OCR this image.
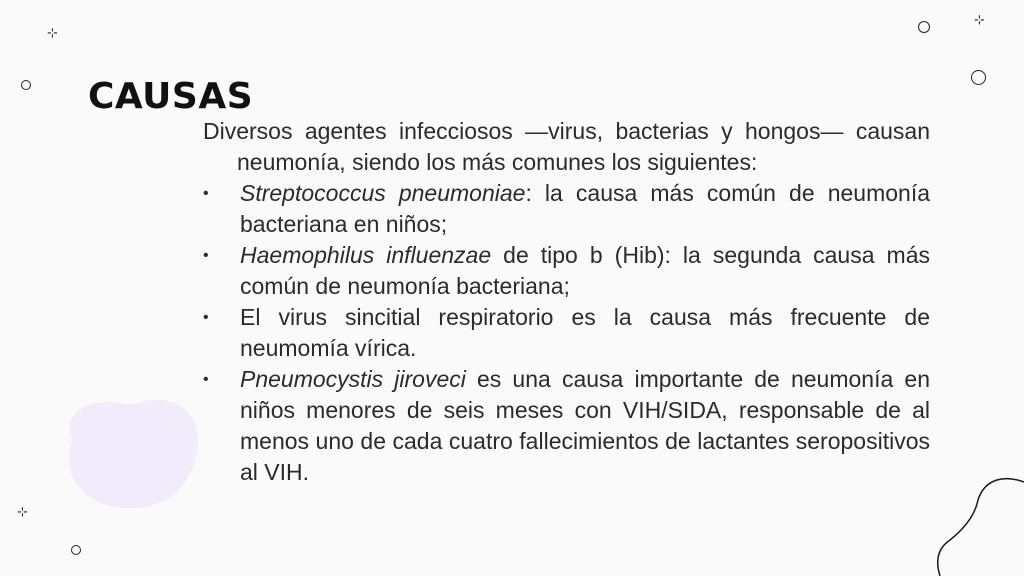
⊹
⊹
⊹
CAUSAS

Diversos agentes infecciosos —virus, bacterias y hongos— causan neumonía, siendo los más comunes los siguientes:

• Streptococcus pneumoniae: la causa más común de neumonía bacteriana en niños;
• Haemophilus influenzae de tipo b (Hib): la segunda causa más común de neumonía bacteriana;
• El virus sincitial respiratorio es la causa más frecuente de neumomía vírica.
• Pneumocystis jiroveci es una causa importante de neumonía en niños menores de seis meses con VIH/SIDA, responsable de al menos uno de cada cuatro fallecimientos de lactantes seropositivos al VIH.
